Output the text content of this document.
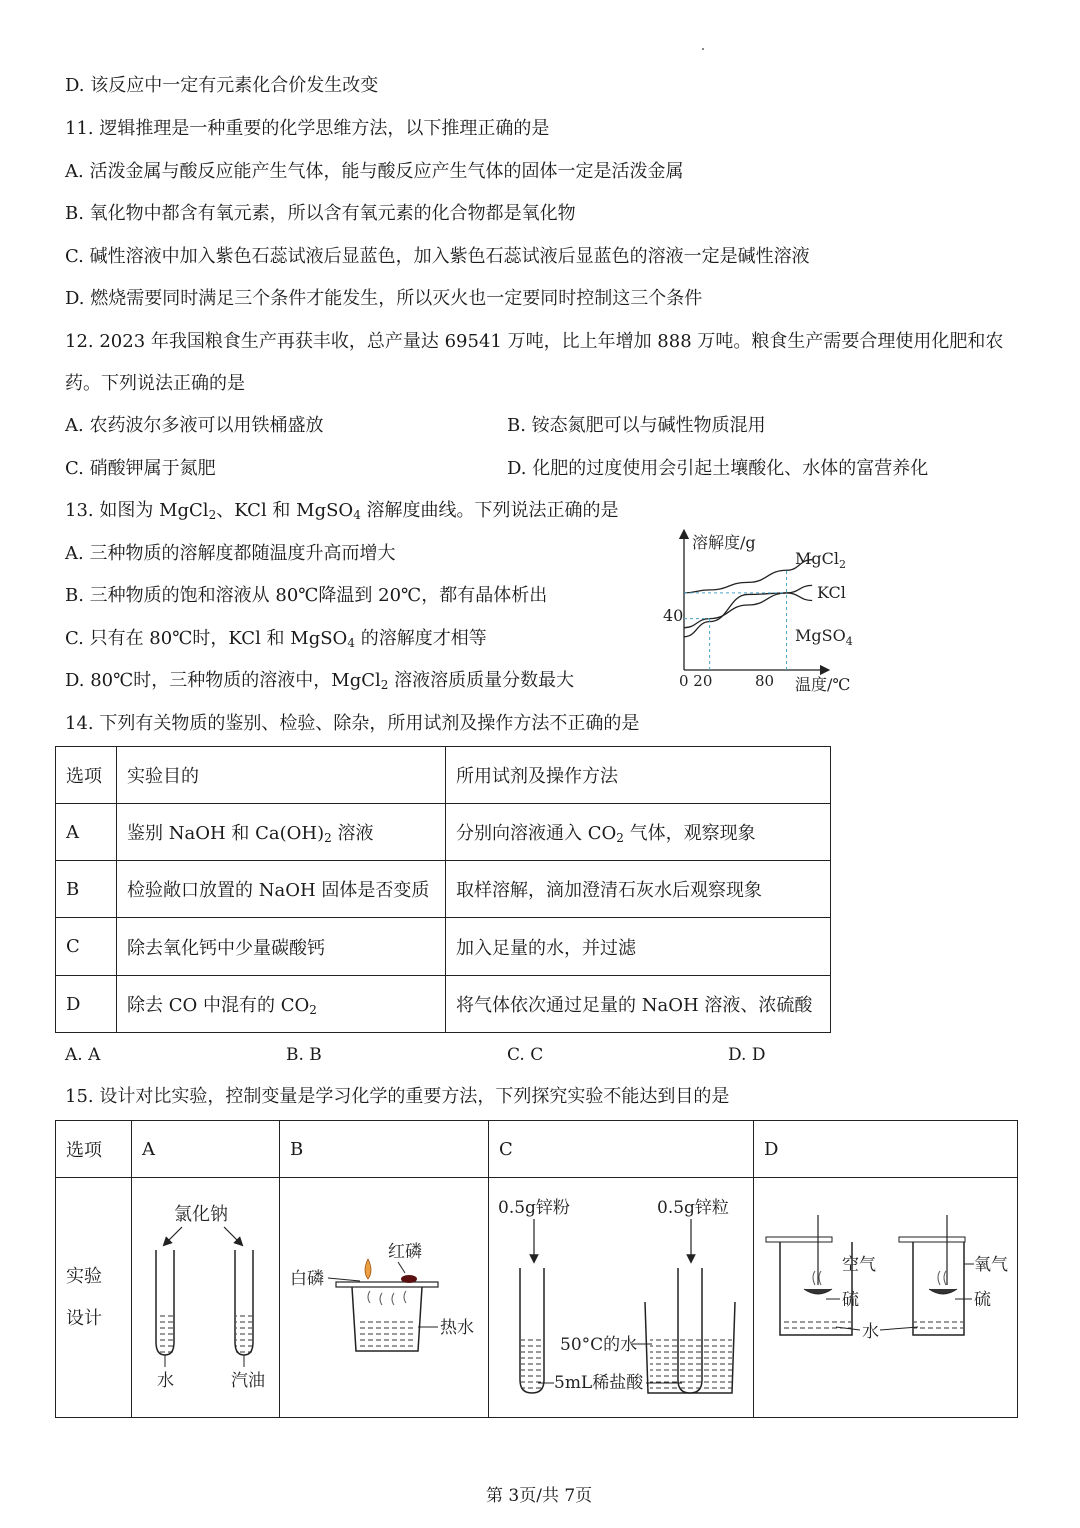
D. 该反应中一定有元素化合价发生改变
11. 逻辑推理是一种重要的化学思维方法，以下推理正确的是
A. 活泼金属与酸反应能产生气体，能与酸反应产生气体的固体一定是活泼金属
B. 氧化物中都含有氧元素，所以含有氧元素的化合物都是氧化物
C. 碱性溶液中加入紫色石蕊试液后显蓝色，加入紫色石蕊试液后显蓝色的溶液一定是碱性溶液
D. 燃烧需要同时满足三个条件才能发生，所以灭火也一定要同时控制这三个条件
12. 2023 年我国粮食生产再获丰收，总产量达 69541 万吨，比上年增加 888 万吨。粮食生产需要合理使用化肥和农
药。下列说法正确的是
A. 农药波尔多液可以用铁桶盛放	B. 铵态氮肥可以与碱性物质混用
C. 硝酸钾属于氮肥	D. 化肥的过度使用会引起土壤酸化、水体的富营养化
13. 如图为 MgCl$_2$、KCl 和 MgSO$_4$ 溶解度曲线。下列说法正确的是
A. 三种物质的溶解度都随温度升高而增大
B. 三种物质的饱和溶液从 80℃降温到 20℃，都有晶体析出
C. 只有在 80℃时，KCl 和 MgSO$_4$ 的溶解度才相等
D. 80℃时，三种物质的溶液中，MgCl$_2$ 溶液溶质质量分数最大
溶解度/g
温度/℃
40
0 20	80
MgCl$_2$
KCl
MgSO$_4$
14. 下列有关物质的鉴别、检验、除杂，所用试剂及操作方法不正确的是
选项	实验目的	所用试剂及操作方法
A	鉴别 NaOH 和 $Ca(OH)_2$ 溶液	分别向溶液通入 $CO_2$ 气体，观察现象
B	检验敞口放置的 NaOH 固体是否变质	取样溶解，滴加澄清石灰水后观察现象
C	除去氧化钙中少量碳酸钙	加入足量的水，并过滤
D	除去 CO 中混有的 $CO_2$	将气体依次通过足量的 NaOH 溶液、浓硫酸
A. A	B. B	C. C	D. D
15. 设计对比实验，控制变量是学习化学的重要方法，下列探究实验不能达到目的是
选项	A	B	C	D

实验
设计				

氯化钠
水	汽油
红磷
白磷
热水
0.5g锌粉	0.5g锌粒
50°C的水
5mL稀盐酸
空气
硫
氧气
硫
水
第 3页/共 7页
